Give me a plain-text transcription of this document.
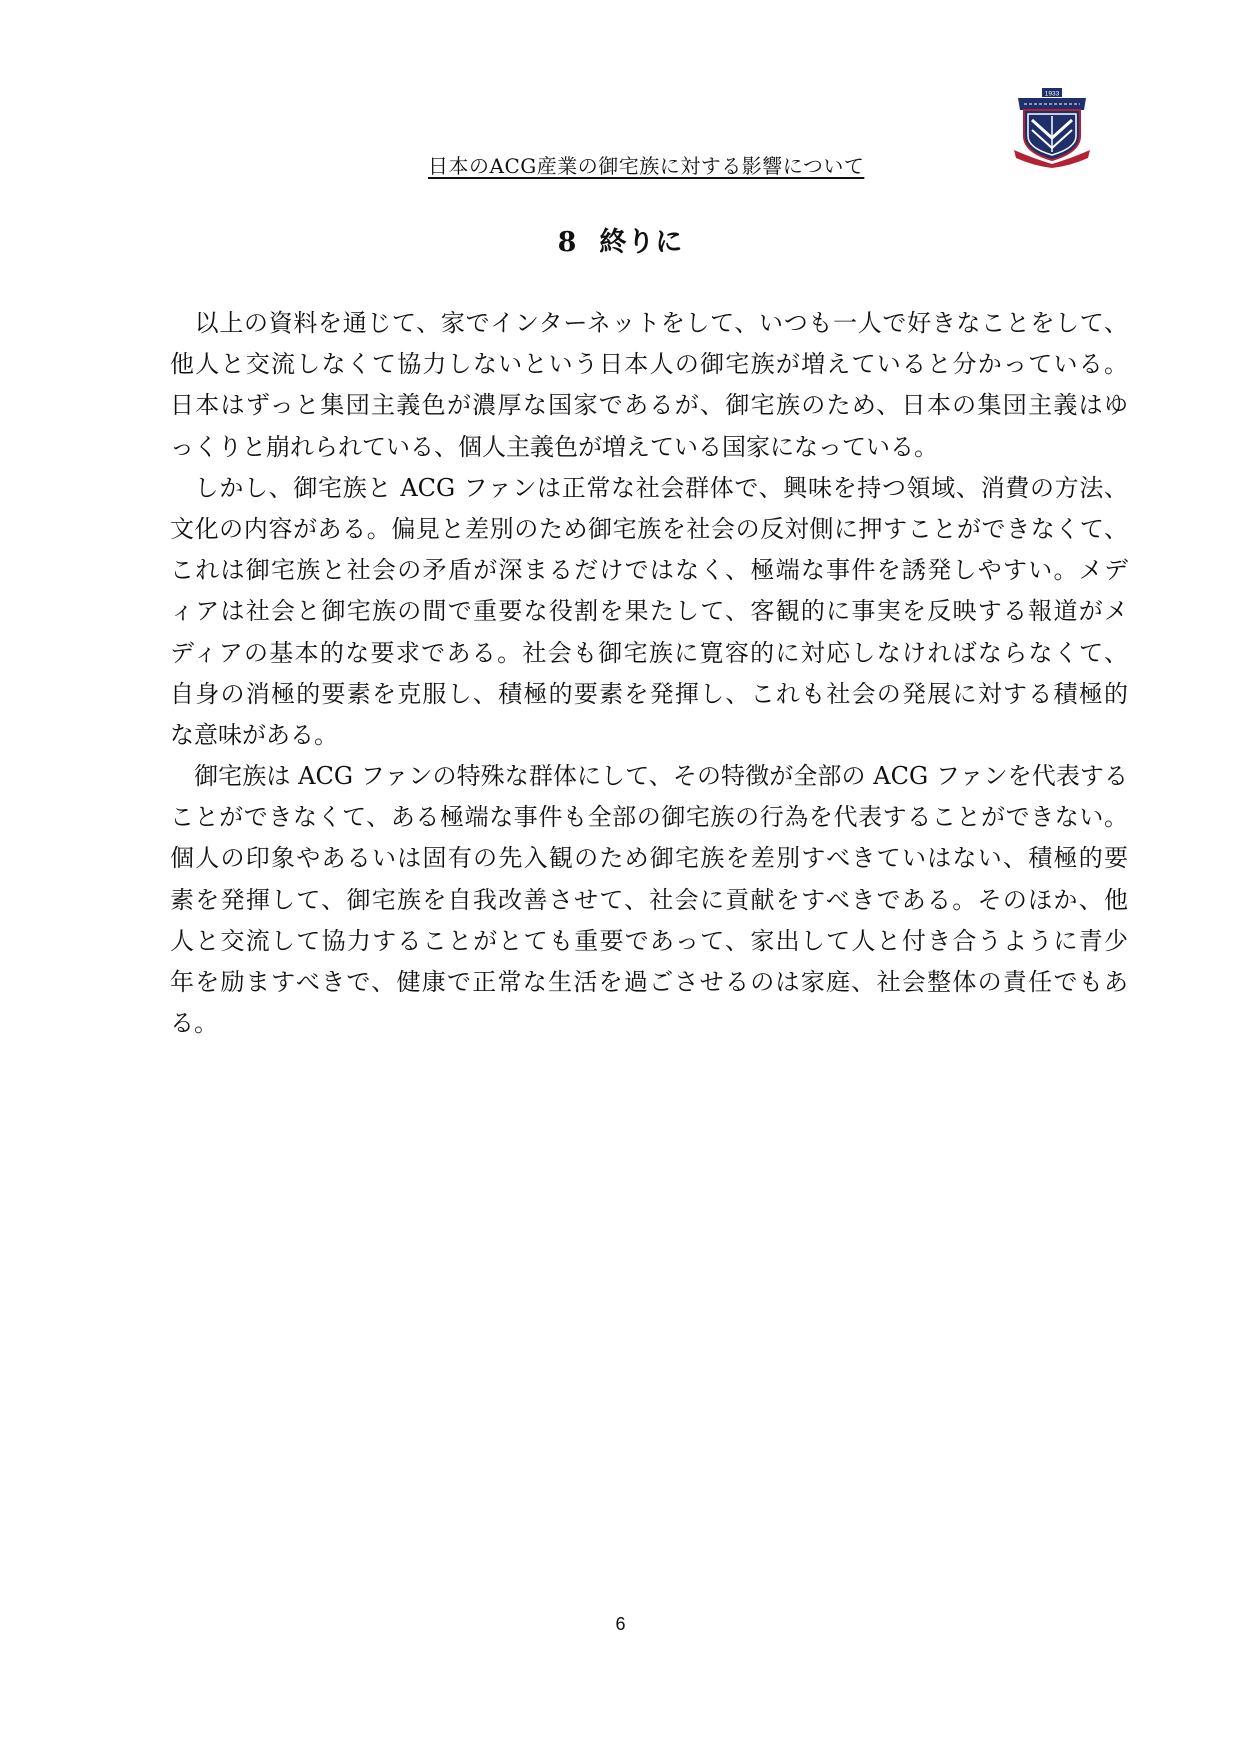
日本のACG産業の御宅族に対する影響について
1933
8 終りに
　以上の資料を通じて、家でインターネットをして、いつも一人で好きなことをして、
他人と交流しなくて協力しないという日本人の御宅族が増えていると分かっている。
日本はずっと集団主義色が濃厚な国家であるが、御宅族のため、日本の集団主義はゆ
っくりと崩れられている、個人主義色が増えている国家になっている。
　しかし、御宅族と ACG ファンは正常な社会群体で、興味を持つ領域、消費の方法、
文化の内容がある。偏見と差別のため御宅族を社会の反対側に押すことができなくて、
これは御宅族と社会の矛盾が深まるだけではなく、極端な事件を誘発しやすい。メデ
ィアは社会と御宅族の間で重要な役割を果たして、客観的に事実を反映する報道がメ
ディアの基本的な要求である。社会も御宅族に寛容的に対応しなければならなくて、
自身の消極的要素を克服し、積極的要素を発揮し、これも社会の発展に対する積極的
な意味がある。
　御宅族は ACG ファンの特殊な群体にして、その特徴が全部の ACG ファンを代表する
ことができなくて、ある極端な事件も全部の御宅族の行為を代表することができない。
個人の印象やあるいは固有の先入観のため御宅族を差別すべきていはない、積極的要
素を発揮して、御宅族を自我改善させて、社会に貢献をすべきである。そのほか、他
人と交流して協力することがとても重要であって、家出して人と付き合うように青少
年を励ますべきで、健康で正常な生活を過ごさせるのは家庭、社会整体の責任でもあ
る。
6
